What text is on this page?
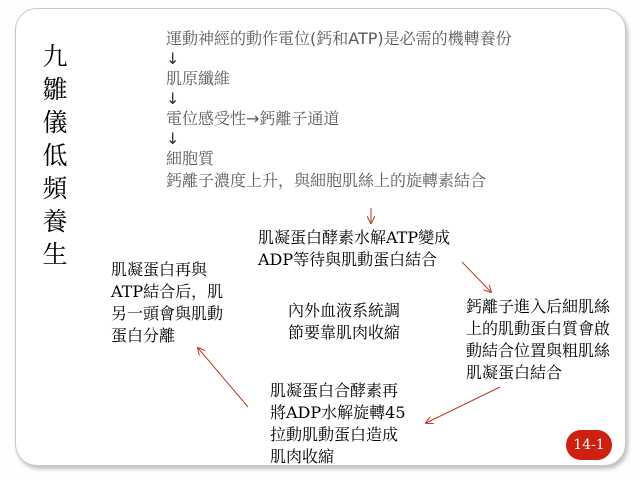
九
雛
儀
低
頻
養
生
運動神經的動作電位(鈣和ATP)是必需的機轉養份
↓
肌原纖維
↓
電位感受性→鈣離子通道
↓
細胞質
鈣離子濃度上升，與細胞肌絲上的旋轉素結合
肌凝蛋白酵素水解ATP變成
ADP等待與肌動蛋白結合
鈣離子進入后細肌絲
上的肌動蛋白質會啟
動結合位置與粗肌絲
肌凝蛋白結合
肌凝蛋白合酵素再
將ADP水解旋轉45
拉動肌動蛋白造成
肌肉收縮
肌凝蛋白再與
ATP結合后，肌
另一頭會與肌動
蛋白分離
內外血液系統調
節要靠肌肉收縮
14-1
